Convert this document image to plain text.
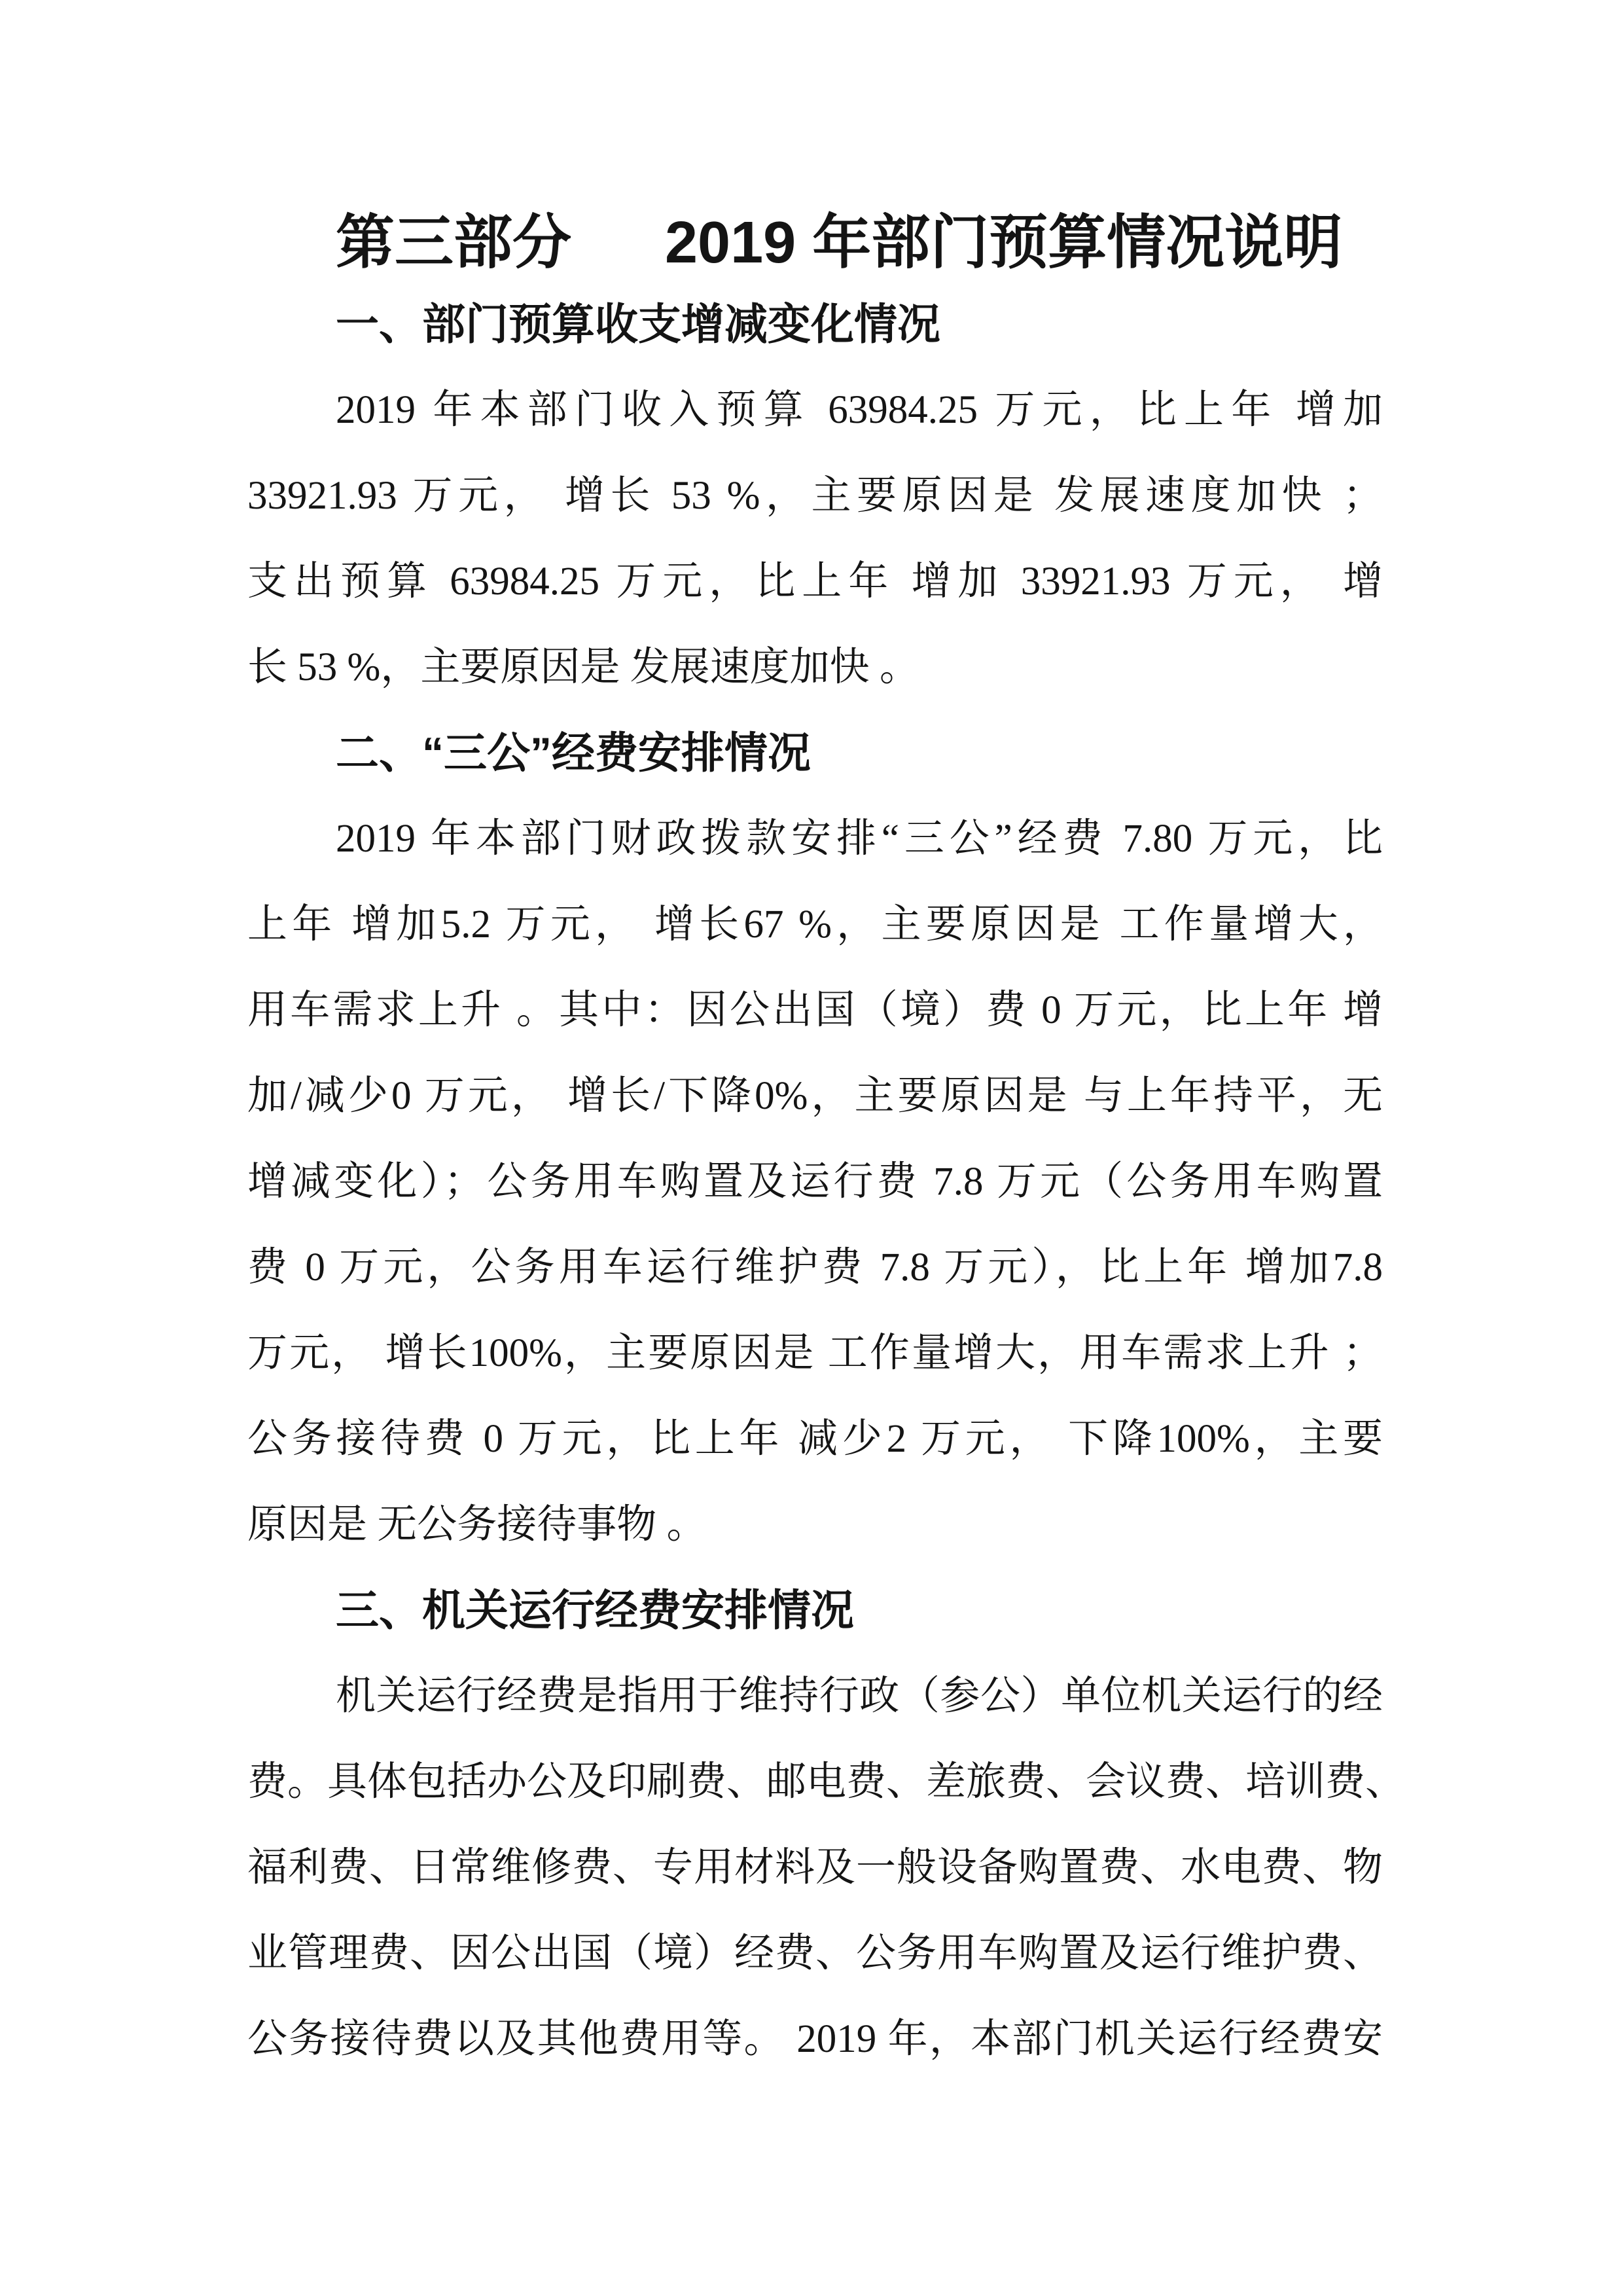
第三部分 2019 年部门预算情况说明
一、部门预算收支增减变化情况
2019 年本部门收入预算 63984.25 万元，比上年 增加
33921.93 万元， 增长 53 %，主要原因是 发展速度加快 ；
支出预算 63984.25 万元，比上年 增加 33921.93 万元， 增
长 53 %，主要原因是 发展速度加快 。
二、“三公”经费安排情况
2019 年本部门财政拨款安排“三公”经费 7.80 万元，比
上年 增加5.2 万元， 增长67 %，主要原因是 工作量增大，
用车需求上升 。其中：因公出国（境）费 0 万元，比上年 增
加/减少0 万元， 增长/下降0%，主要原因是 与上年持平，无
增减变化）；公务用车购置及运行费 7.8 万元（公务用车购置
费 0 万元，公务用车运行维护费 7.8 万元），比上年 增加7.8
万元， 增长100%，主要原因是 工作量增大，用车需求上升 ；
公务接待费 0 万元，比上年 减少2 万元， 下降100%，主要
原因是 无公务接待事物 。
三、机关运行经费安排情况
机关运行经费是指用于维持行政（参公）单位机关运行的经
费。具体包括办公及印刷费、邮电费、差旅费、会议费、培训费、
福利费、日常维修费、专用材料及一般设备购置费、水电费、物
业管理费、因公出国（境）经费、公务用车购置及运行维护费、
公务接待费以及其他费用等。 2019 年，本部门机关运行经费安
